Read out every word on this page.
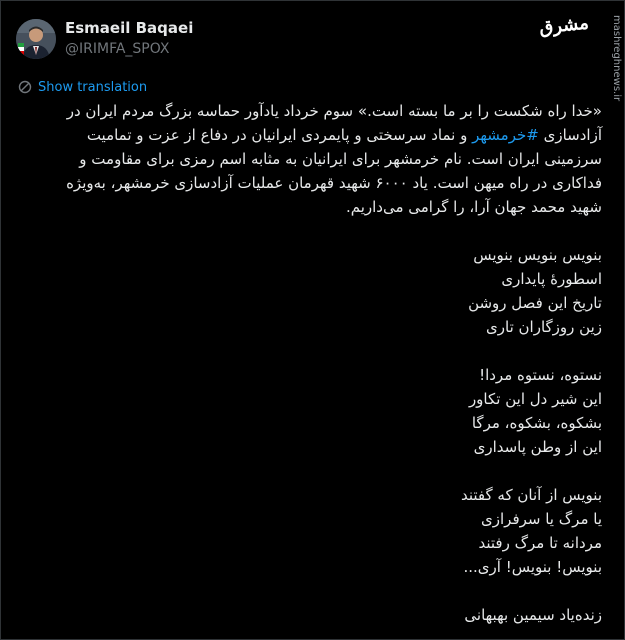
Esmaeil Baqaei
@IRIMFA_SPOX
Show translation
مشرق mashreghnews.ir

«خدا راه شکست را بر ما بسته است.» سوم خرداد یادآور حماسه بزرگ مردم ایران در آزادسازی #خرمشهر و نماد سرسختی و پایمردی ایرانیان در دفاع از عزت و تمامیت سرزمینی ایران است. نام خرمشهر برای ایرانیان به مثابه اسم رمزی برای مقاومت و فداکاری در راه میهن است. یاد ۶۰۰۰ شهید قهرمان عملیات آزادسازی خرمشهر، به‌ویژه شهید محمد جهان آرا، را گرامی می‌داریم.

بنویس بنویس بنویس

اسطورهٔ پایداری

تاریخ این فصل روشن

زین روزگاران تاری

نستوه، نستوه مردا!

این شیر دل این تکاور

بشکوه، بشکوه، مرگا

این از وطن پاسداری

بنویس از آنان که گفتند

یا مرگ یا سرفرازی

مردانه تا مرگ رفتند

بنویس! بنویس! آری...

زنده‌یاد سیمین بهبهانی
